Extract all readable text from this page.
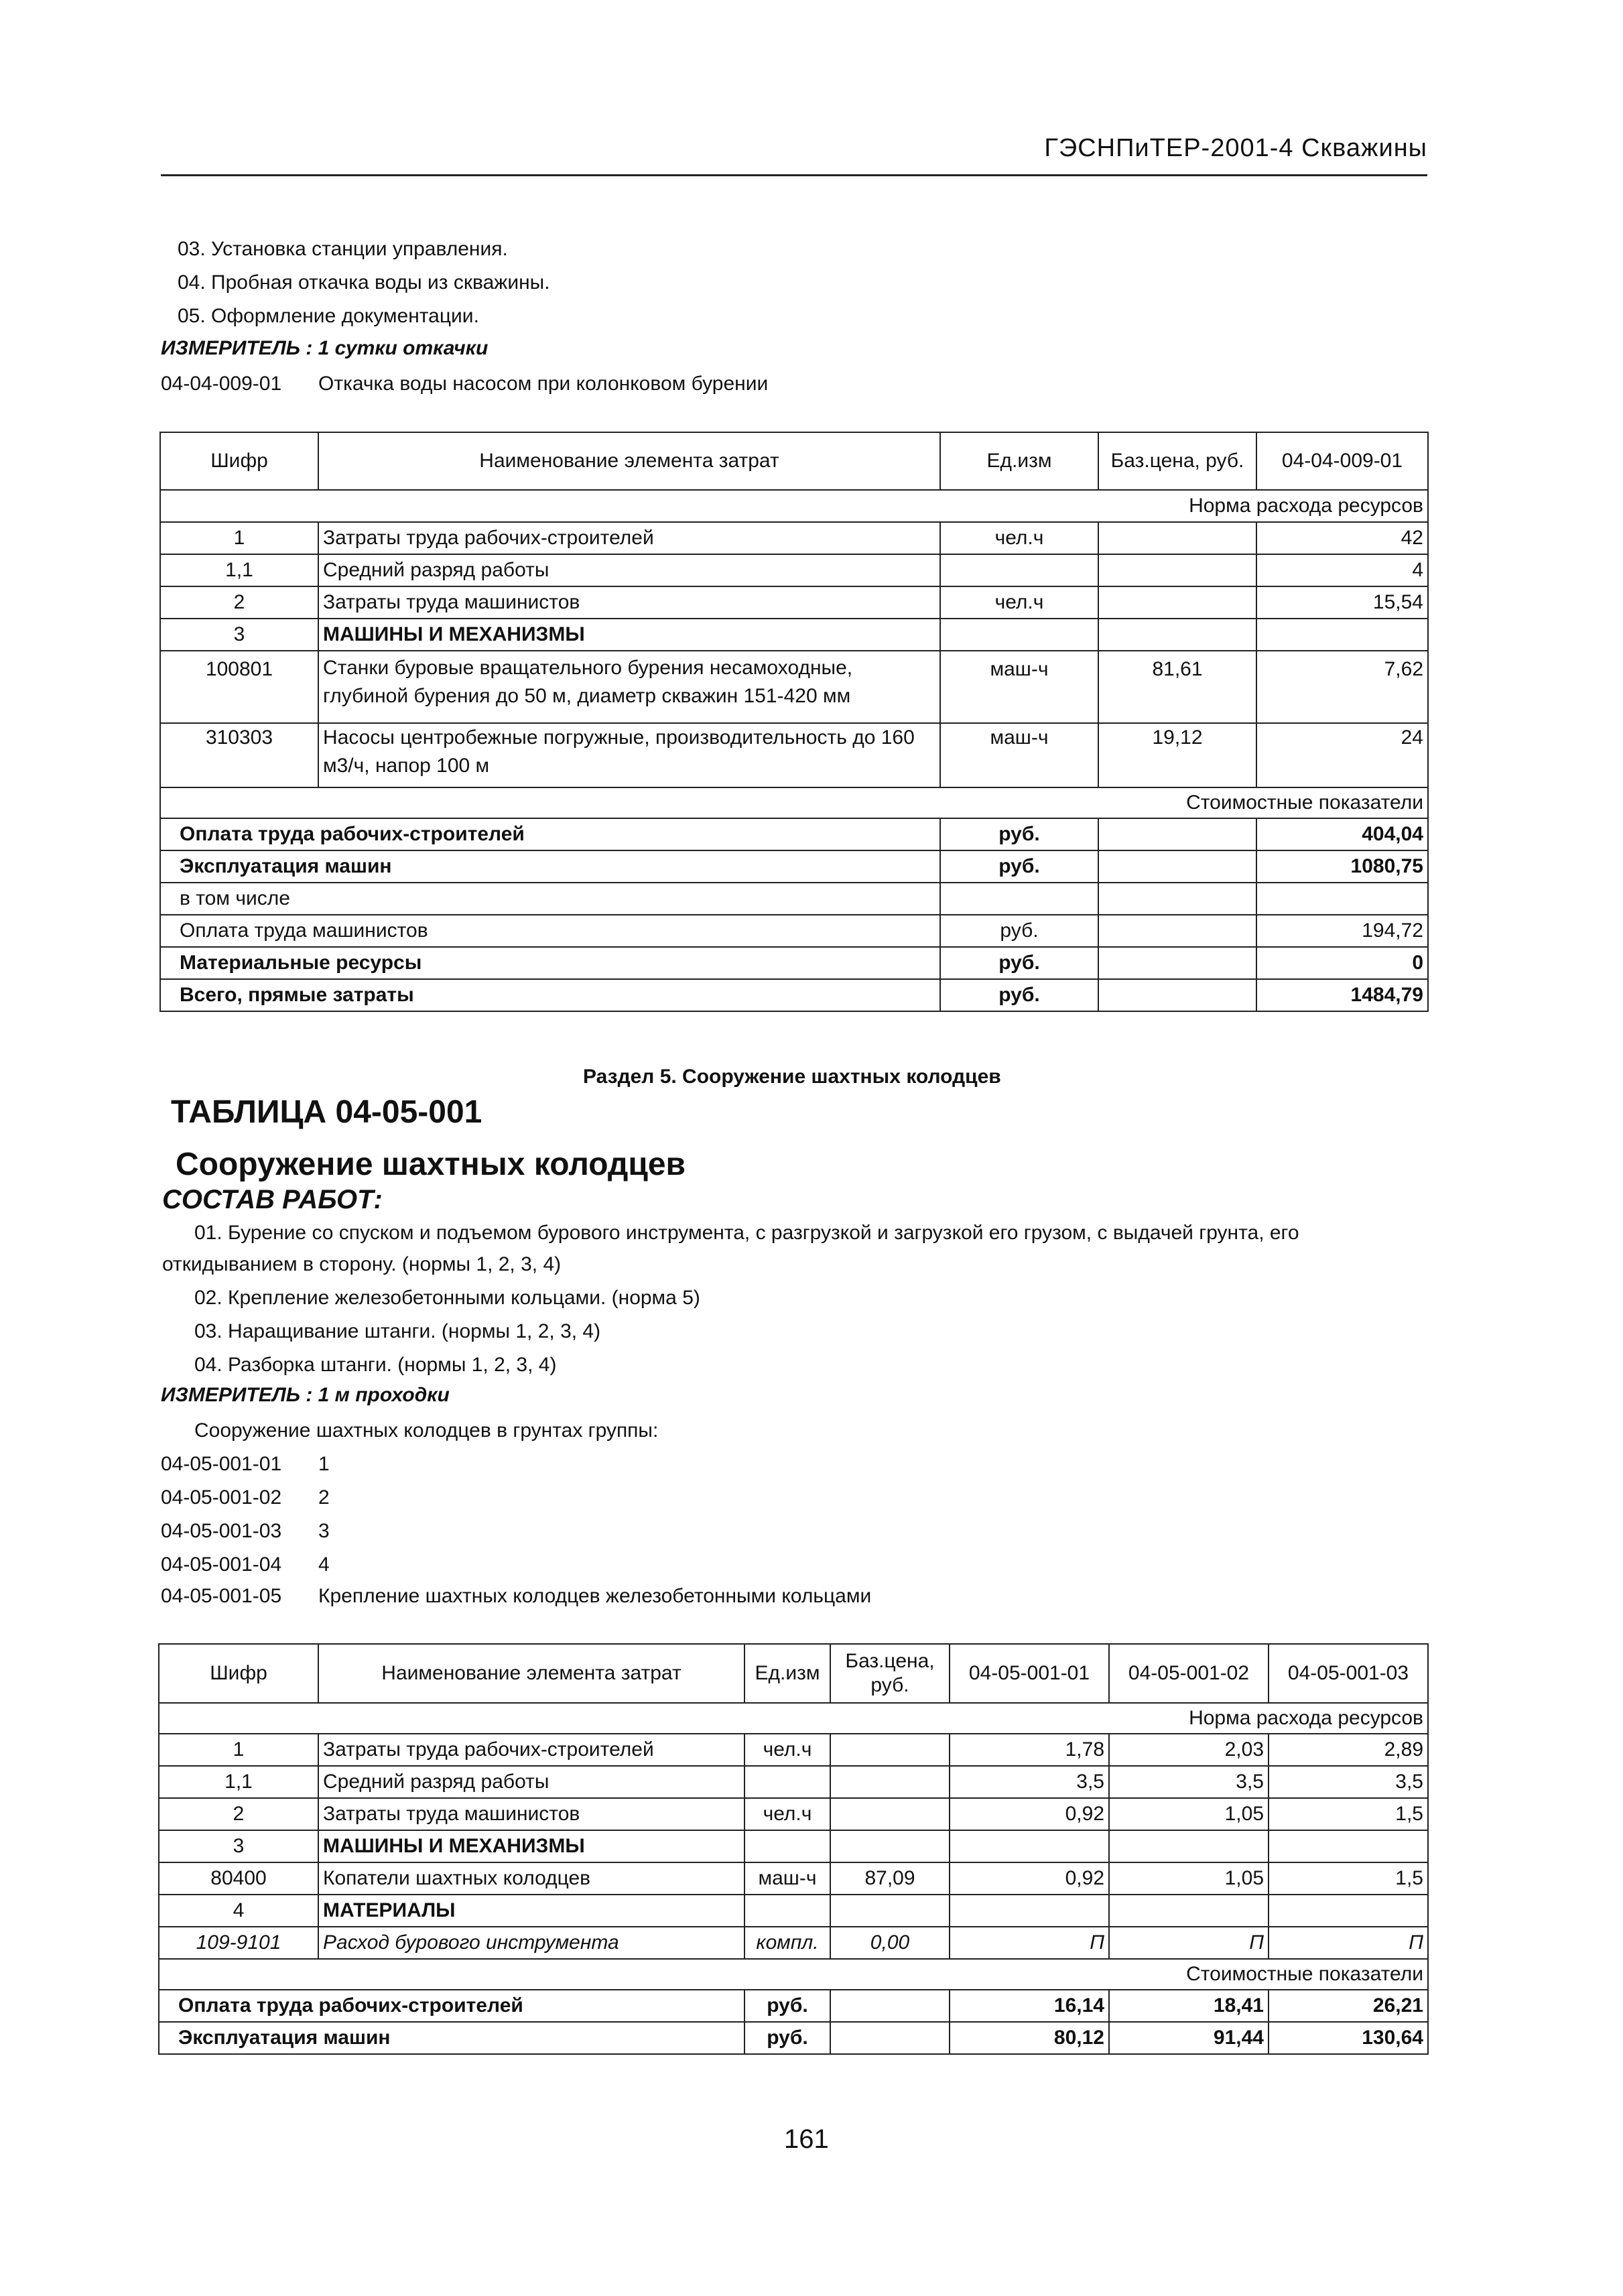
ГЭСНПиТЕР-2001-4 Скважины
03. Установка станции управления.
04. Пробная откачка воды из скважины.
05. Оформление документации.
ИЗМЕРИТЕЛЬ : 1 сутки откачки
04-04-009-01 Откачка воды насосом при колонковом бурении
Шифр	Наименование элемента затрат	Ед.изм	Баз.цена, руб.	04-04-009-01
Норма расхода ресурсов				
1	Затраты труда рабочих-строителей	чел.ч		42
1,1	Средний разряд работы			4
2	Затраты труда машинистов	чел.ч		15,54
3	МАШИНЫ И МЕХАНИЗМЫ			
100801	Станки буровые вращательного бурения несамоходные, глубиной бурения до 50 м, диаметр скважин 151-420 мм	маш-ч	81,61	7,62
310303	Насосы центробежные погружные, производительность до 160 м3/ч, напор 100 м	маш-ч	19,12	24
Стоимостные показатели				
Оплата труда рабочих-строителей		руб.		404,04
Эксплуатация машин		руб.		1080,75
в том числе				
Оплата труда машинистов		руб.		194,72
Материальные ресурсы		руб.		0
Всего, прямые затраты		руб.		1484,79
Раздел 5. Сооружение шахтных колодцев
ТАБЛИЦА 04-05-001
Сооружение шахтных колодцев
СОСТАВ РАБОТ:
01. Бурение со спуском и подъемом бурового инструмента, с разгрузкой и загрузкой его грузом, с выдачей грунта, его
откидыванием в сторону. (нормы 1, 2, 3, 4)
02. Крепление железобетонными кольцами. (норма 5)
03. Наращивание штанги. (нормы 1, 2, 3, 4)
04. Разборка штанги. (нормы 1, 2, 3, 4)
ИЗМЕРИТЕЛЬ : 1 м проходки
Сооружение шахтных колодцев в грунтах группы:
04-05-001-01 1
04-05-001-02 2
04-05-001-03 3
04-05-001-04 4
04-05-001-05 Крепление шахтных колодцев железобетонными кольцами
Шифр	Наименование элемента затрат	Ед.изм	Баз.цена, руб.	04-05-001-01	04-05-001-02	04-05-001-03
Норма расхода ресурсов						
1	Затраты труда рабочих-строителей	чел.ч		1,78	2,03	2,89
1,1	Средний разряд работы			3,5	3,5	3,5
2	Затраты труда машинистов	чел.ч		0,92	1,05	1,5
3	МАШИНЫ И МЕХАНИЗМЫ					
80400	Копатели шахтных колодцев	маш-ч	87,09	0,92	1,05	1,5
4	МАТЕРИАЛЫ					
109-9101	Расход бурового инструмента	компл.	0,00	П	П	П
Стоимостные показатели						
Оплата труда рабочих-строителей		руб.		16,14	18,41	26,21
Эксплуатация машин		руб.		80,12	91,44	130,64
161
